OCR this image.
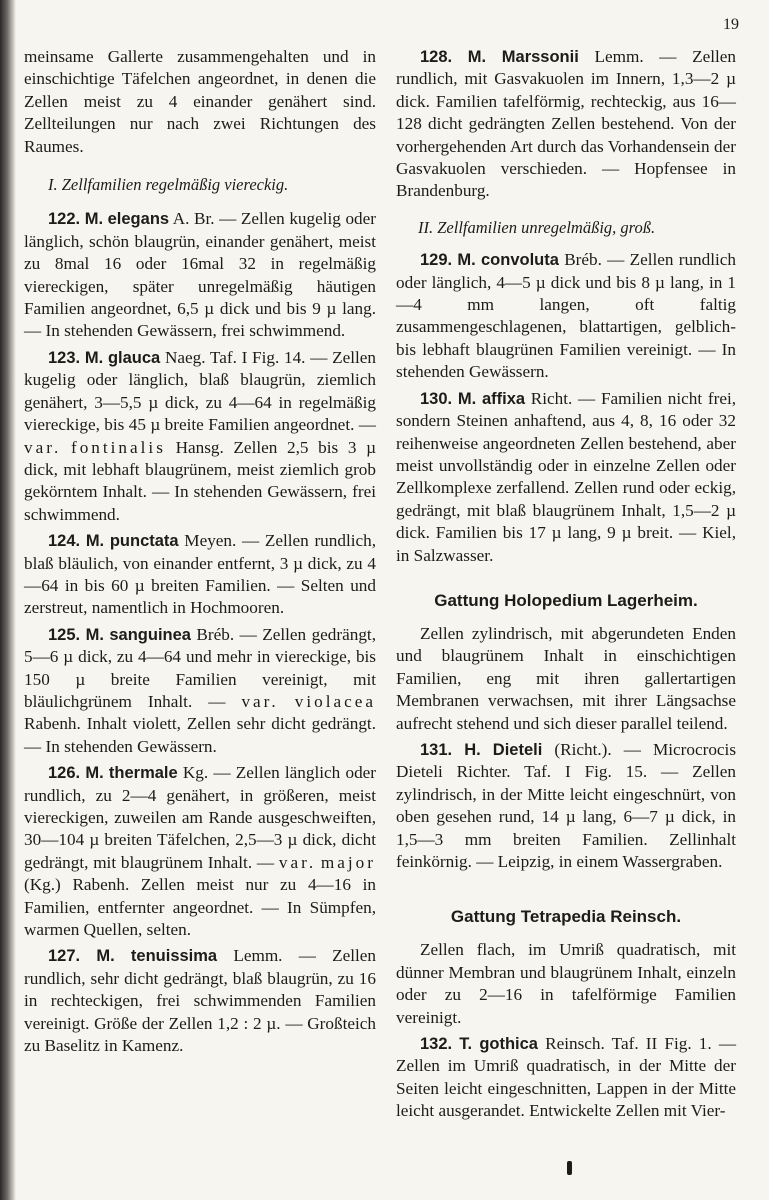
19

meinsame Gallerte zusammengehalten und in einschichtige Täfelchen angeordnet, in denen die Zellen meist zu 4 einander genähert sind. Zellteilungen nur nach zwei Richtungen des Raumes.

I. Zellfamilien regelmäßig viereckig.

122. M. elegans A. Br. — Zellen kugelig oder länglich, schön blaugrün, einander genähert, meist zu 8mal 16 oder 16mal 32 in regelmäßig viereckigen, später unregelmäßig häutigen Familien angeordnet, 6,5 µ dick und bis 9 µ lang. — In stehenden Gewässern, frei schwimmend.

123. M. glauca Naeg. Taf. I Fig. 14. — Zellen kugelig oder länglich, blaß blaugrün, ziemlich genähert, 3—5,5 µ dick, zu 4—64 in regelmäßig viereckige, bis 45 µ breite Familien angeordnet. — var. fontinalis Hansg. Zellen 2,5 bis 3 µ dick, mit lebhaft blaugrünem, meist ziemlich grob gekörntem Inhalt. — In stehenden Gewässern, frei schwimmend.

124. M. punctata Meyen. — Zellen rundlich, blaß bläulich, von einander entfernt, 3 µ dick, zu 4—64 in bis 60 µ breiten Familien. — Selten und zerstreut, namentlich in Hochmooren.

125. M. sanguinea Bréb. — Zellen gedrängt, 5—6 µ dick, zu 4—64 und mehr in viereckige, bis 150 µ breite Familien vereinigt, mit bläulichgrünem Inhalt. — var. violacea Rabenh. Inhalt violett, Zellen sehr dicht gedrängt. — In stehenden Gewässern.

126. M. thermale Kg. — Zellen länglich oder rundlich, zu 2—4 genähert, in größeren, meist viereckigen, zuweilen am Rande ausgeschweiften, 30—104 µ breiten Täfelchen, 2,5—3 µ dick, dicht gedrängt, mit blaugrünem Inhalt. — var. major (Kg.) Rabenh. Zellen meist nur zu 4—16 in Familien, entfernter angeordnet. — In Sümpfen, warmen Quellen, selten.

127. M. tenuissima Lemm. — Zellen rundlich, sehr dicht gedrängt, blaß blaugrün, zu 16 in rechteckigen, frei schwimmenden Familien vereinigt. Größe der Zellen 1,2 : 2 µ. — Großteich zu Baselitz in Kamenz.

128. M. Marssonii Lemm. — Zellen rundlich, mit Gasvakuolen im Innern, 1,3—2 µ dick. Familien tafelförmig, rechteckig, aus 16—128 dicht gedrängten Zellen bestehend. Von der vorhergehenden Art durch das Vorhandensein der Gasvakuolen verschieden. — Hopfensee in Brandenburg.

II. Zellfamilien unregelmäßig, groß.

129. M. convoluta Bréb. — Zellen rundlich oder länglich, 4—5 µ dick und bis 8 µ lang, in 1—4 mm langen, oft faltig zusammengeschlagenen, blattartigen, gelblich- bis lebhaft blaugrünen Familien vereinigt. — In stehenden Gewässern.

130. M. affixa Richt. — Familien nicht frei, sondern Steinen anhaftend, aus 4, 8, 16 oder 32 reihenweise angeordneten Zellen bestehend, aber meist unvollständig oder in einzelne Zellen oder Zellkomplexe zerfallend. Zellen rund oder eckig, gedrängt, mit blaß blaugrünem Inhalt, 1,5—2 µ dick. Familien bis 17 µ lang, 9 µ breit. — Kiel, in Salzwasser.

Gattung Holopedium Lagerheim.

Zellen zylindrisch, mit abgerundeten Enden und blaugrünem Inhalt in einschichtigen Familien, eng mit ihren gallertartigen Membranen verwachsen, mit ihrer Längsachse aufrecht stehend und sich dieser parallel teilend.

131. H. Dieteli (Richt.). — Microcrocis Dieteli Richter. Taf. I Fig. 15. — Zellen zylindrisch, in der Mitte leicht eingeschnürt, von oben gesehen rund, 14 µ lang, 6—7 µ dick, in 1,5—3 mm breiten Familien. Zellinhalt feinkörnig. — Leipzig, in einem Wassergraben.

Gattung Tetrapedia Reinsch.

Zellen flach, im Umriß quadratisch, mit dünner Membran und blaugrünem Inhalt, einzeln oder zu 2—16 in tafelförmige Familien vereinigt.

132. T. gothica Reinsch. Taf. II Fig. 1. — Zellen im Umriß quadratisch, in der Mitte der Seiten leicht eingeschnitten, Lappen in der Mitte leicht ausgerandet. Entwickelte Zellen mit Vier-
